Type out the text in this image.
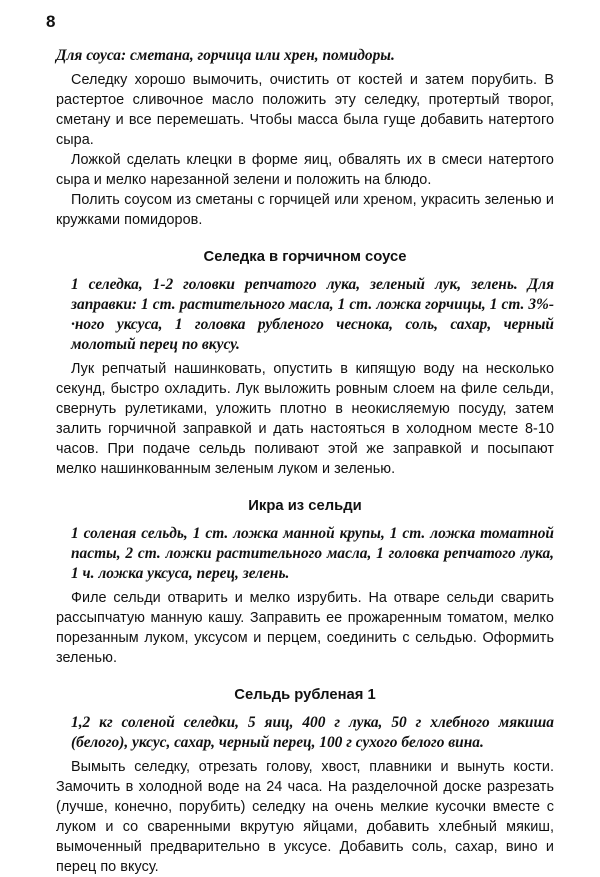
8

Для соуса: сметана, горчица или хрен, помидоры.

Селедку хорошо вымочить, очистить от костей и затем порубить. В растертое сливочное масло положить эту селедку, протертый творог, сметану и все перемешать. Чтобы масса была гуще добавить натертого сыра.

Ложкой сделать клецки в форме яиц, обвалять их в смеси натертого сыра и мелко нарезанной зелени и положить на блюдо.

Полить соусом из сметаны с горчицей или хреном, украсить зеленью и кружками помидоров.

Селедка в горчичном соусе

1 селедка, 1-2 головки репчатого лука, зеленый лук, зелень. Для заправки: 1 ст. растительного масла, 1 ст. ложка горчицы, 1 ст. 3%-·ного уксуса, 1 головка рубленого чеснока, соль, сахар, черный молотый перец по вкусу.

Лук репчатый нашинковать, опустить в кипящую воду на несколько секунд, быстро охладить. Лук выложить ровным слоем на филе сельди, свернуть рулетиками, уложить плотно в неокисляемую посуду, затем залить горчичной заправкой и дать настояться в холодном месте 8-10 часов. При подаче сельдь поливают этой же заправкой и посыпают мелко нашинкованным зеленым луком и зеленью.

Икра из сельди

1 соленая сельдь, 1 ст. ложка манной крупы, 1 ст. ложка томатной пасты, 2 ст. ложки растительного масла, 1 головка репчатого лука, 1 ч. ложка уксуса, перец, зелень.

Филе сельди отварить и мелко изрубить. На отваре сельди сварить рассыпчатую манную кашу. Заправить ее прожаренным томатом, мелко порезанным луком, уксусом и перцем, соединить с сельдью. Оформить зеленью.

Сельдь рубленая 1

1,2 кг соленой селедки, 5 яиц, 400 г лука, 50 г хлебного мякиша (белого), уксус, сахар, черный перец, 100 г сухого белого вина.

Вымыть селедку, отрезать голову, хвост, плавники и вынуть кости. Замочить в холодной воде на 24 часа. На разделочной доске разрезать (лучше, конечно, порубить) селедку на очень мелкие кусочки вместе с луком и со сваренными вкрутую яйцами, добавить хлебный мякиш, вымоченный предварительно в уксусе. Добавить соль, сахар, вино и перец по вкусу.
